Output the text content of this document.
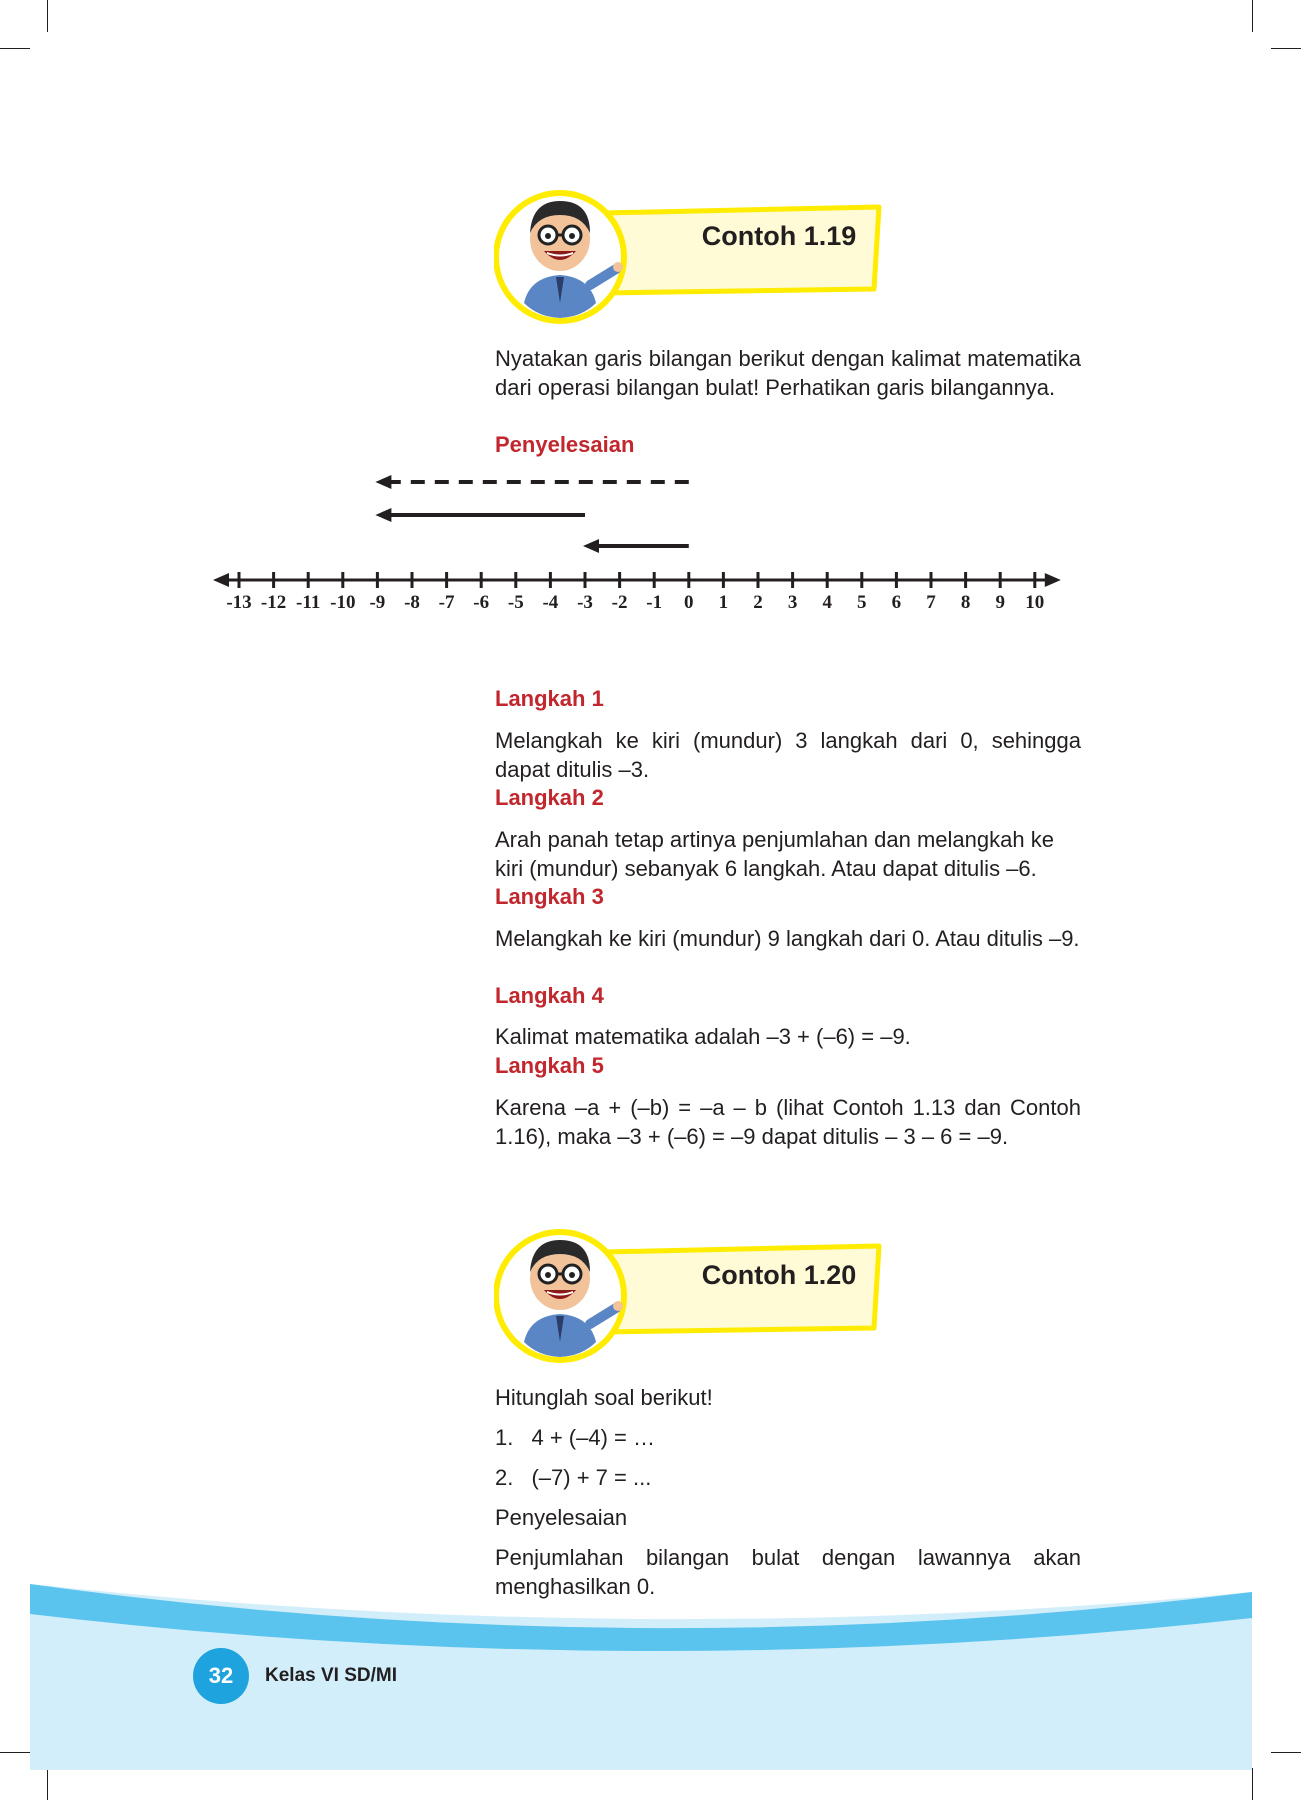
Contoh 1.19
Nyatakan garis bilangan berikut dengan kalimat matematika dari operasi bilangan bulat! Perhatikan garis bilangannya.
Penyelesaian
-13 -12 -11 -10 -9 -8 -7 -6 -5 -4 -3 -2 -1 0 1 2 3 4 5 6 7 8 9 10
Langkah 1
Melangkah ke kiri (mundur) 3 langkah dari 0, sehingga dapat ditulis –3.
Langkah 2
Arah panah tetap artinya penjumlahan dan melangkah ke kiri (mundur) sebanyak 6 langkah. Atau dapat ditulis –6.
Langkah 3
Melangkah ke kiri (mundur) 9 langkah dari 0. Atau ditulis –9.
Langkah 4
Kalimat matematika adalah –3 + (–6) = –9.
Langkah 5
Karena –a + (–b) = –a – b (lihat Contoh 1.13 dan Contoh 1.16), maka –3 + (–6) = –9 dapat ditulis – 3 – 6 = –9.
Contoh 1.20
Hitunglah soal berikut!
1. 4 + (–4) = …
2. (–7) + 7 = ...
Penyelesaian
Penjumlahan bilangan bulat dengan lawannya akan menghasilkan 0.
32	Kelas VI SD/MI
